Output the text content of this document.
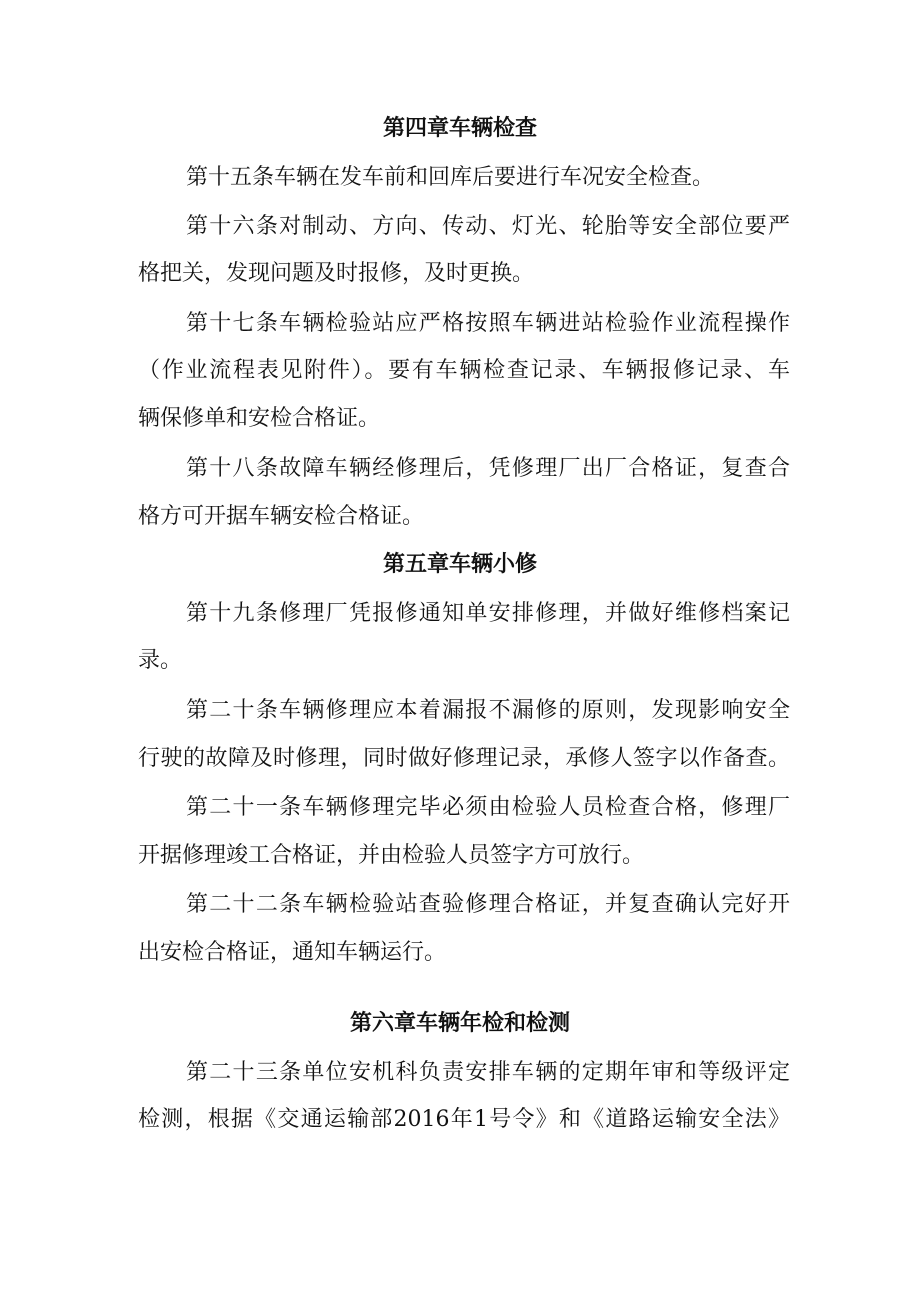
第四章车辆检查
第十五条车辆在发车前和回库后要进行车况安全检查。
第十六条对制动、方向、传动、灯光、轮胎等安全部位要严
格把关，发现问题及时报修，及时更换。
第十七条车辆检验站应严格按照车辆进站检验作业流程操作
（作业流程表见附件）。要有车辆检查记录、车辆报修记录、车
辆保修单和安检合格证。
第十八条故障车辆经修理后，凭修理厂出厂合格证，复查合
格方可开据车辆安检合格证。
第五章车辆小修
第十九条修理厂凭报修通知单安排修理，并做好维修档案记
录。
第二十条车辆修理应本着漏报不漏修的原则，发现影响安全
行驶的故障及时修理，同时做好修理记录，承修人签字以作备查。
第二十一条车辆修理完毕必须由检验人员检查合格，修理厂
开据修理竣工合格证，并由检验人员签字方可放行。
第二十二条车辆检验站查验修理合格证，并复查确认完好开
出安检合格证，通知车辆运行。
第六章车辆年检和检测
第二十三条单位安机科负责安排车辆的定期年审和等级评定
检测，根据《交通运输部2016年1号令》和《道路运输安全法》
